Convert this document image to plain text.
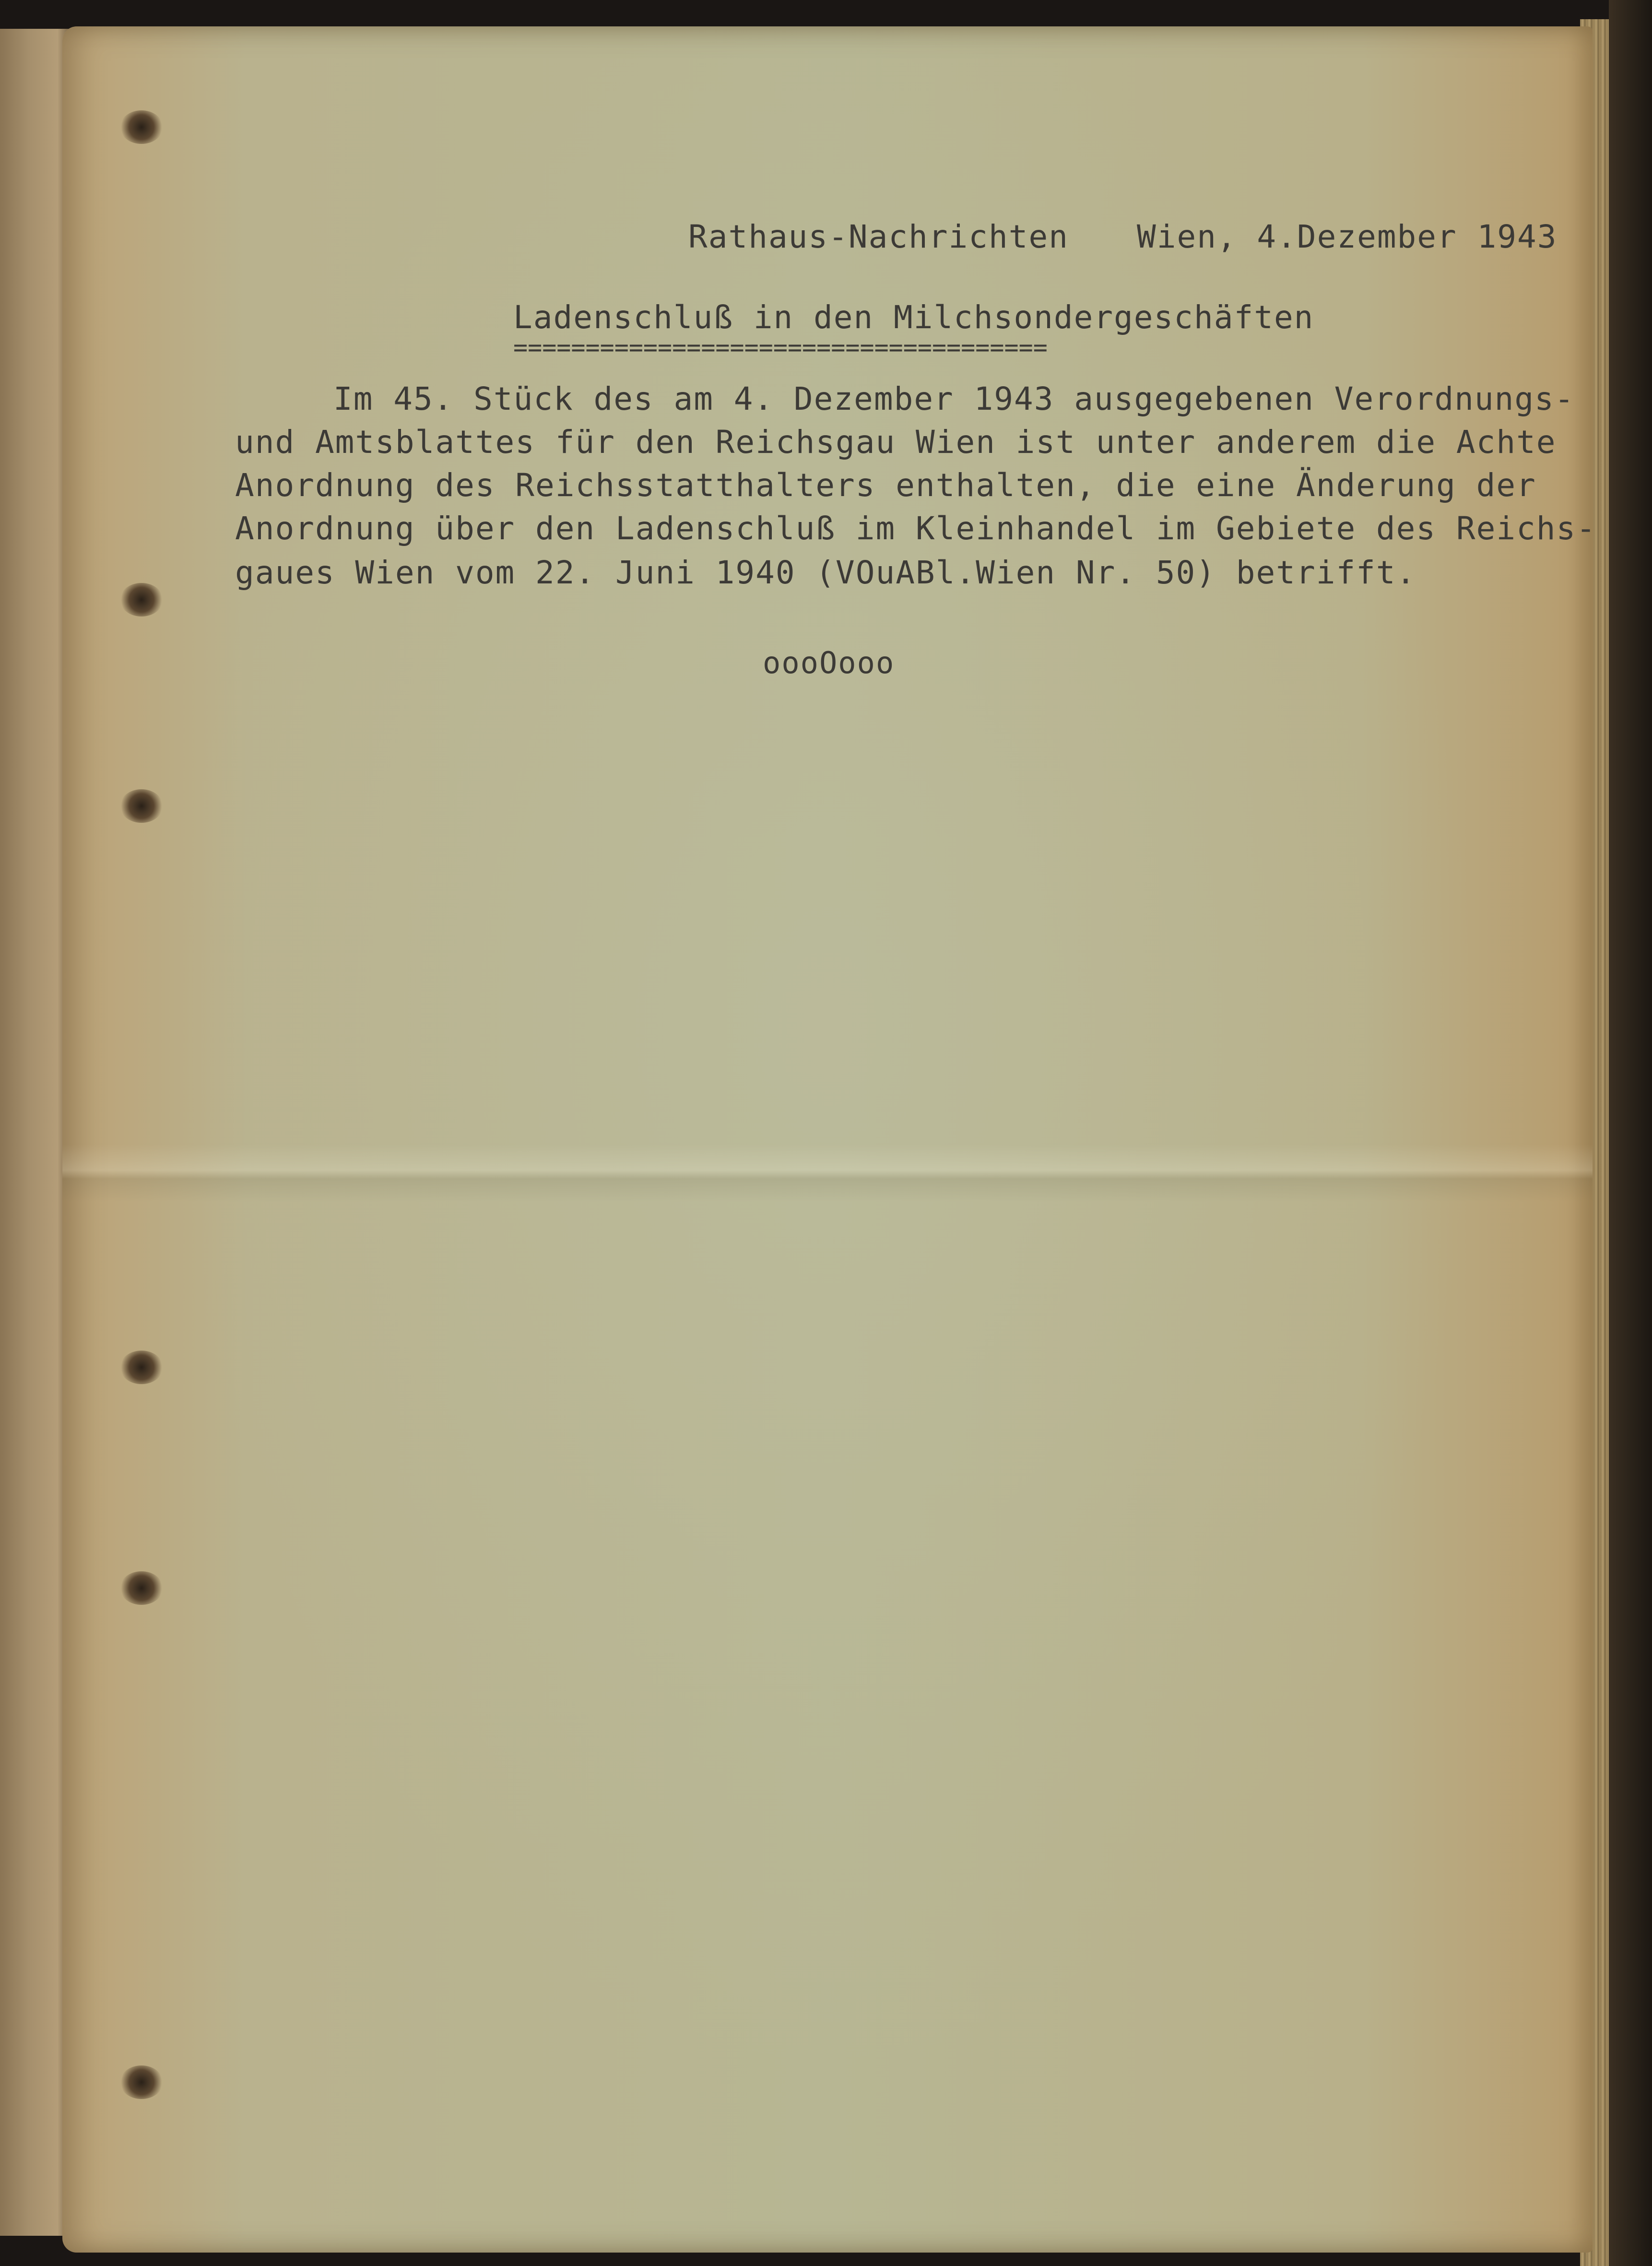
Rathaus-Nachrichten Wien, 4.Dezember 1943
Ladenschluß in den Milchsondergeschäften
=====================================
Im 45. Stück des am 4. Dezember 1943 ausgegebenen Verordnungs-
und Amtsblattes für den Reichsgau Wien ist unter anderem die Achte
Anordnung des Reichsstatthalters enthalten, die eine Änderung der
Anordnung über den Ladenschluß im Kleinhandel im Gebiete des Reichs-
gaues Wien vom 22. Juni 1940 (VOuABl.Wien Nr. 50) betrifft.
oooOooo
